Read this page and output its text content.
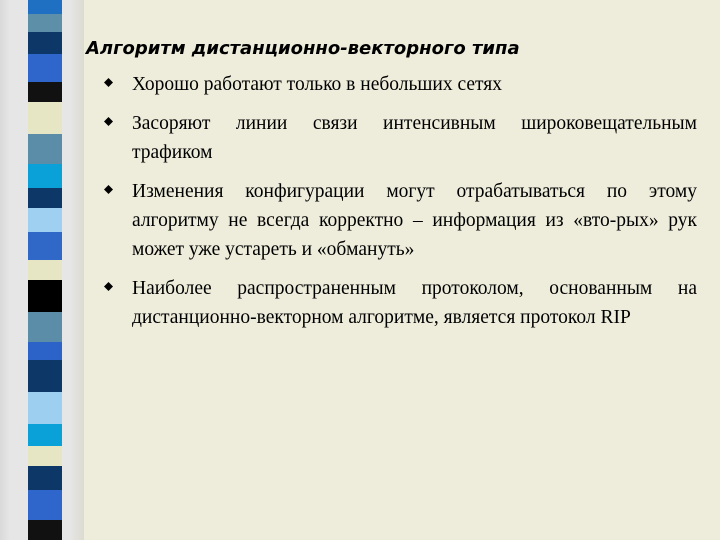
Алгоритм дистанционно-векторного типа
Хорошо работают только в небольших сетях
Засоряют линии связи интенсивным широковещательным трафиком
Изменения конфигурации могут отрабатываться по этому алгоритму не всегда корректно – информация из «вто-рых» рук может уже устареть и «обмануть»
Наиболее распространенным протоколом, основанным на дистанционно-векторном алгоритме, является протокол RIP
